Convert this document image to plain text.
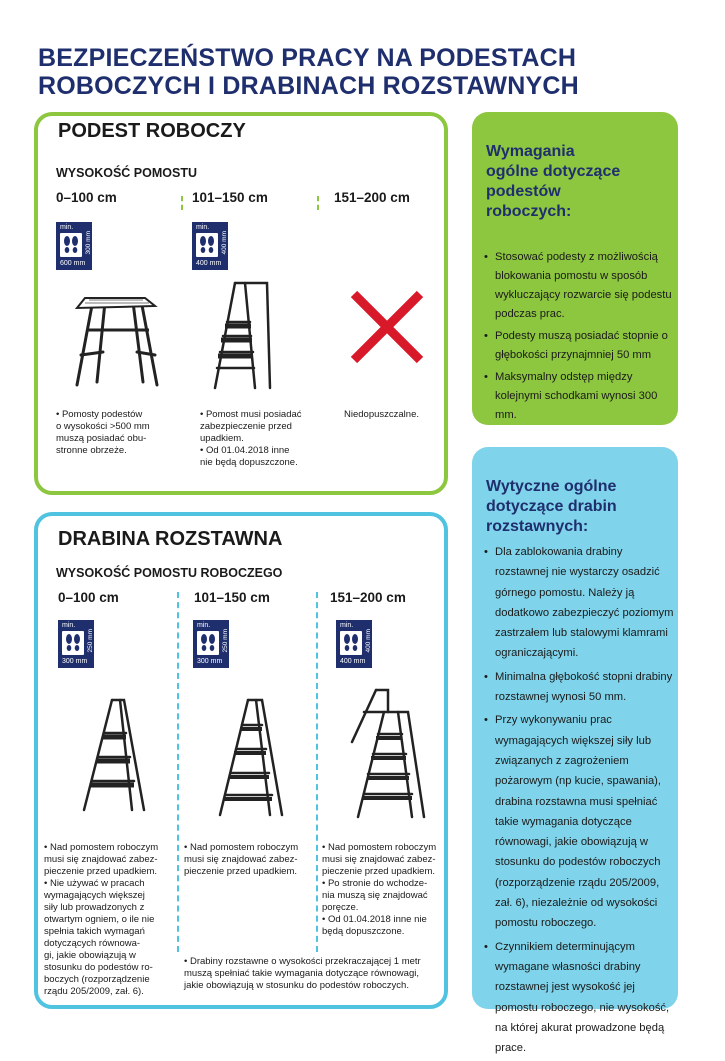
BEZPIECZEŃSTWO PRACY NA PODESTACH
ROBOCZYCH I DRABINACH ROZSTAWNYCH
PODEST ROBOCZY
WYSOKOŚĆ POMOSTU
0–100 cm	101–150 cm	151–200 cm
min.
300 mm
600 mm
min.
400 mm
400 mm

• Pomosty podestów

o wysokości >500 mm

muszą posiadać obu-

stronne obrzeże.

• Pomost musi posiadać

zabezpieczenie przed

upadkiem.

• Od 01.04.2018 inne

nie będą dopuszczone.

Niedopuszczalne.

DRABINA ROZSTAWNA
WYSOKOŚĆ POMOSTU ROBOCZEGO
0–100 cm	101–150 cm	151–200 cm
min.
250 mm
300 mm
min.
250 mm
300 mm
min.
400 mm
400 mm

• Nad pomostem roboczym

musi się znajdować zabez-

pieczenie przed upadkiem.

• Nie używać w pracach

wymagających większej

siły lub prowadzonych z

otwartym ogniem, o ile nie

spełnia takich wymagań

dotyczących równowa-

gi, jakie obowiązują w

stosunku do podestów ro-

boczych (rozporządzenie

rządu 205/2009, zał. 6).

• Nad pomostem roboczym

musi się znajdować zabez-

pieczenie przed upadkiem.

• Nad pomostem roboczym

musi się znajdować zabez-

pieczenie przed upadkiem.

• Po stronie do wchodze-

nia muszą się znajdować

poręcze.

• Od 01.04.2018 inne nie

będą dopuszczone.

• Drabiny rozstawne o wysokości przekraczającej 1 metr

muszą spełniać takie wymagania dotyczące równowagi,

jakie obowiązują w stosunku do podestów roboczych.

Wymagania
ogólne dotyczące
podestów
roboczych:
• Stosować podesty z możliwością blokowania pomostu w sposób wykluczający rozwarcie się podestu podczas prac.
• Podesty muszą posiadać stopnie o głębokości przynajmniej 50 mm
• Maksymalny odstęp między kolejnymi schodkami wynosi 300 mm.
Wytyczne ogólne
dotyczące drabin
rozstawnych:
• Dla zablokowania drabiny rozstawnej nie wystarczy osadzić górnego pomostu. Należy ją dodatkowo zabezpieczyć poziomym zastrzałem lub stalowymi klamrami ograniczającymi.
• Minimalna głębokość stopni drabiny rozstawnej wynosi 50 mm.
• Przy wykonywaniu prac wymagających większej siły lub związanych z zagrożeniem pożarowym (np kucie, spawania), drabina rozstawna musi spełniać takie wymagania dotyczące równowagi, jakie obowiązują w stosunku do podestów roboczych (rozporządzenie rządu 205/2009, zał. 6), niezależnie od wysokości pomostu roboczego.
• Czynnikiem determinującym wymagane własności drabiny rozstawnej jest wysokość jej pomostu roboczego, nie wysokość, na której akurat prowadzone będą prace.
